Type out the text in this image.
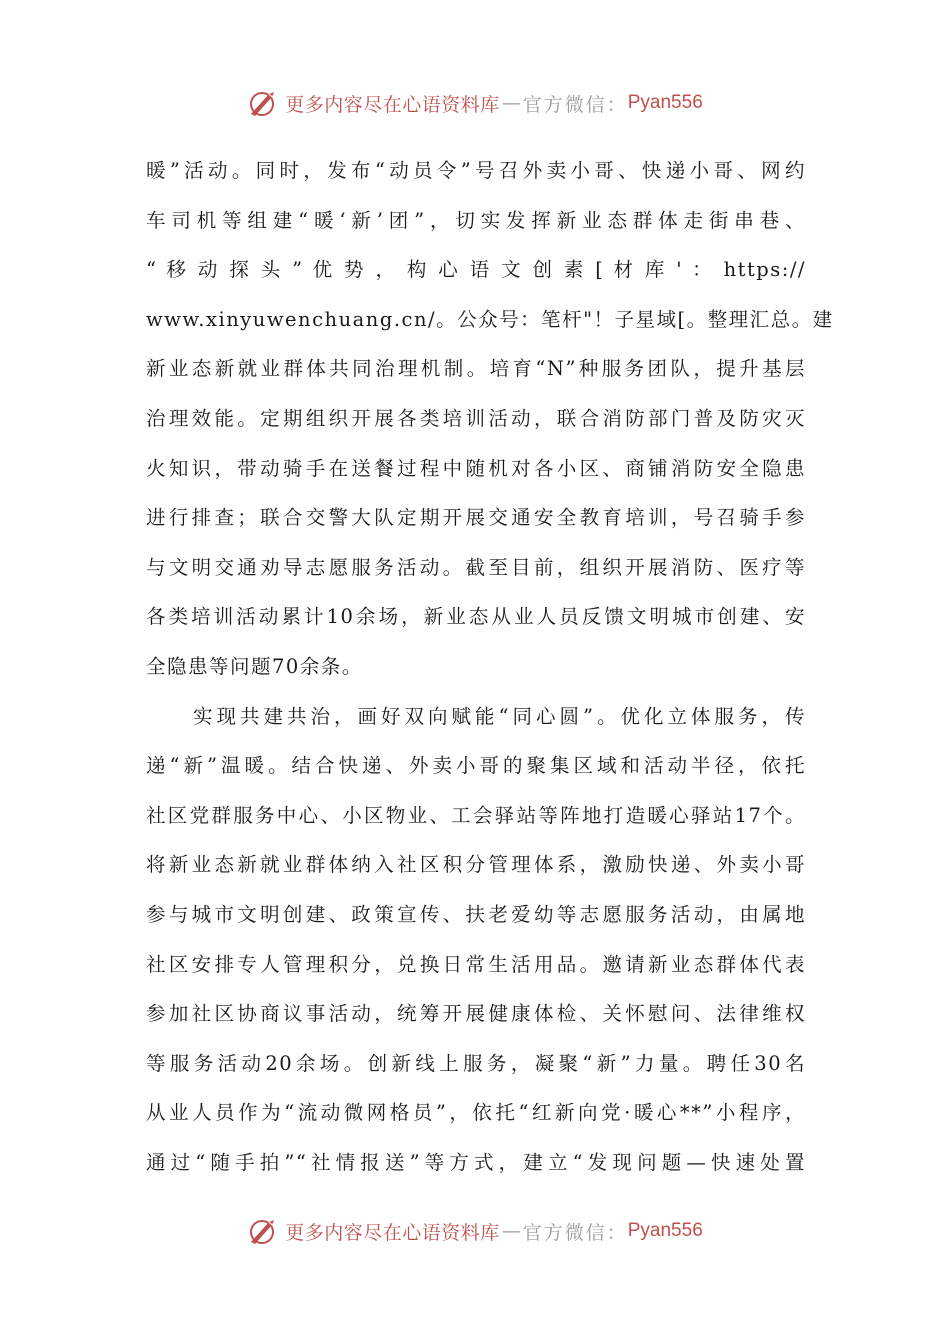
更多内容尽在心语资料库 — 官方微信： Pyan556
暖”活动。同时，发布“动员令”号召外卖小哥、快递小哥、网约
车司机等组建“暖‘新’团”，切实发挥新业态群体走街串巷、
“ 移 动 探 头 ” 优 势 ， 构 心 语 文 创 素 [ 材 库 ' ： https://
www.xinyuwenchuang.cn/。公众号：笔杆"！子星域[。整理汇总。建
新业态新就业群体共同治理机制。培育“N”种服务团队，提升基层
治理效能。定期组织开展各类培训活动，联合消防部门普及防灾灭
火知识，带动骑手在送餐过程中随机对各小区、商铺消防安全隐患
进行排查；联合交警大队定期开展交通安全教育培训，号召骑手参
与文明交通劝导志愿服务活动。截至目前，组织开展消防、医疗等
各类培训活动累计10余场，新业态从业人员反馈文明城市创建、安
全隐患等问题70余条。
　　实现共建共治，画好双向赋能“同心圆”。优化立体服务，传
递“新”温暖。结合快递、外卖小哥的聚集区域和活动半径，依托
社区党群服务中心、小区物业、工会驿站等阵地打造暖心驿站17个。
将新业态新就业群体纳入社区积分管理体系，激励快递、外卖小哥
参与城市文明创建、政策宣传、扶老爱幼等志愿服务活动，由属地
社区安排专人管理积分，兑换日常生活用品。邀请新业态群体代表
参加社区协商议事活动，统筹开展健康体检、关怀慰问、法律维权
等服务活动20余场。创新线上服务，凝聚“新”力量。聘任30名
从业人员作为“流动微网格员”，依托“红新向党·暖心**”小程序，
通过“随手拍”“社情报送”等方式，建立“发现问题—快速处置
更多内容尽在心语资料库 — 官方微信： Pyan556
